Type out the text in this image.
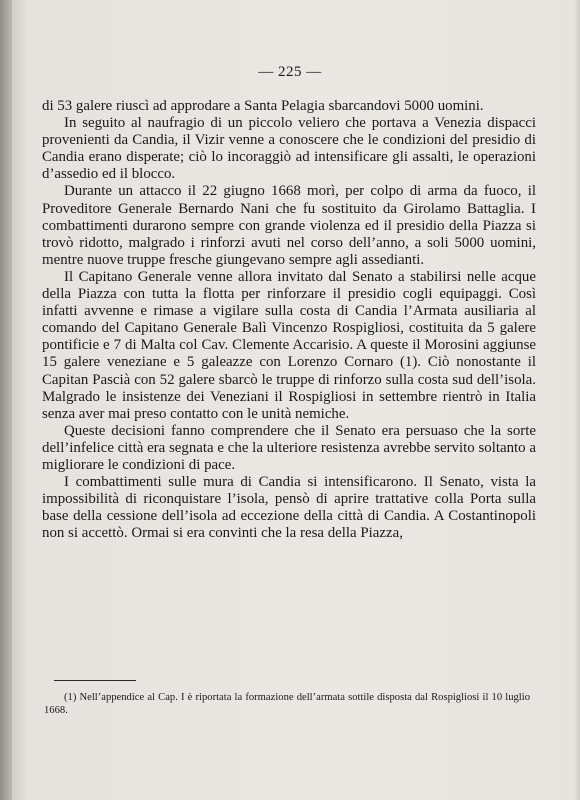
— 225 —

di 53 galere riuscì ad approdare a Santa Pelagia sbarcandovi 5000 uomini.

In seguito al naufragio di un piccolo veliero che portava a Venezia dispacci provenienti da Candia, il Vizir venne a conoscere che le condizioni del presidio di Candia erano disperate; ciò lo incoraggiò ad intensificare gli assalti, le operazioni d’assedio ed il blocco.

Durante un attacco il 22 giugno 1668 morì, per colpo di arma da fuoco, il Proveditore Generale Bernardo Nani che fu sostituito da Girolamo Battaglia. I combattimenti durarono sempre con grande violenza ed il presidio della Piazza si trovò ridotto, malgrado i rinforzi avuti nel corso dell’anno, a soli 5000 uomini, mentre nuove truppe fresche giungevano sempre agli assedianti.

Il Capitano Generale venne allora invitato dal Senato a stabilirsi nelle acque della Piazza con tutta la flotta per rinforzare il presidio cogli equipaggi. Così infatti avvenne e rimase a vigilare sulla costa di Candia l’Armata ausiliaria al comando del Capitano Generale Balì Vincenzo Rospigliosi, costituita da 5 galere pontificie e 7 di Malta col Cav. Clemente Accarisio. A queste il Morosini aggiunse 15 galere veneziane e 5 galeazze con Lorenzo Cornaro (1). Ciò nonostante il Capitan Pascià con 52 galere sbarcò le truppe di rinforzo sulla costa sud dell’isola. Malgrado le insistenze dei Veneziani il Rospigliosi in settembre rientrò in Italia senza aver mai preso contatto con le unità nemiche.

Queste decisioni fanno comprendere che il Senato era persuaso che la sorte dell’infelice città era segnata e che la ulteriore resistenza avrebbe servito soltanto a migliorare le condizioni di pace.

I combattimenti sulle mura di Candia si intensificarono. Il Senato, vista la impossibilità di riconquistare l’isola, pensò di aprire trattative colla Porta sulla base della cessione dell’isola ad eccezione della città di Candia. A Costantinopoli non si accettò. Ormai si era convinti che la resa della Piazza,

(1) Nell’appendice al Cap. I è riportata la formazione dell’armata sottile disposta dal Rospigliosi il 10 luglio 1668.
